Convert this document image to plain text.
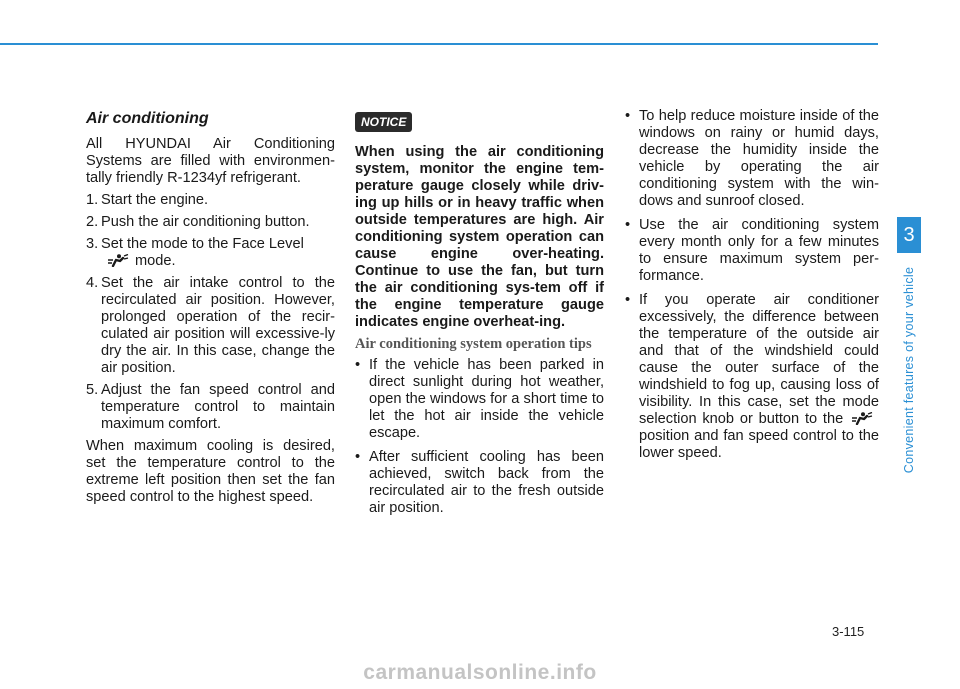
Air conditioning

All HYUNDAI Air Conditioning Systems are filled with environmen-tally friendly R-1234yf refrigerant.

1. Start the engine.
2. Push the air conditioning button.
3. Set the mode to the Face Level
mode.
4. Set the air intake control to the recirculated air position. However, prolonged operation of the recir-culated air position will excessive-ly dry the air. In this case, change the air position.
5. Adjust the fan speed control and temperature control to maintain maximum comfort.

When maximum cooling is desired, set the temperature control to the extreme left position then set the fan speed control to the highest speed.

NOTICE

When using the air conditioning system, monitor the engine tem-perature gauge closely while driv-ing up hills or in heavy traffic when outside temperatures are high. Air conditioning system operation can cause engine over-heating. Continue to use the fan, but turn the air conditioning sys-tem off if the engine temperature gauge indicates engine overheat-ing.

Air conditioning system operation tips
• If the vehicle has been parked in direct sunlight during hot weather, open the windows for a short time to let the hot air inside the vehicle escape.
• After sufficient cooling has been achieved, switch back from the recirculated air to the fresh outside air position.
• To help reduce moisture inside of the windows on rainy or humid days, decrease the humidity inside the vehicle by operating the air conditioning system with the win-dows and sunroof closed.
• Use the air conditioning system every month only for a few minutes to ensure maximum system per-formance.
• If you operate air conditioner excessively, the difference between the temperature of the outside air and that of the windshield could cause the outer surface of the windshield to fog up, causing loss of visibility. In this case, set the mode selection knob or button to the  position and fan speed control to the lower speed.
3
Convenient features of your vehicle
3-115
carmanualsonline.info
